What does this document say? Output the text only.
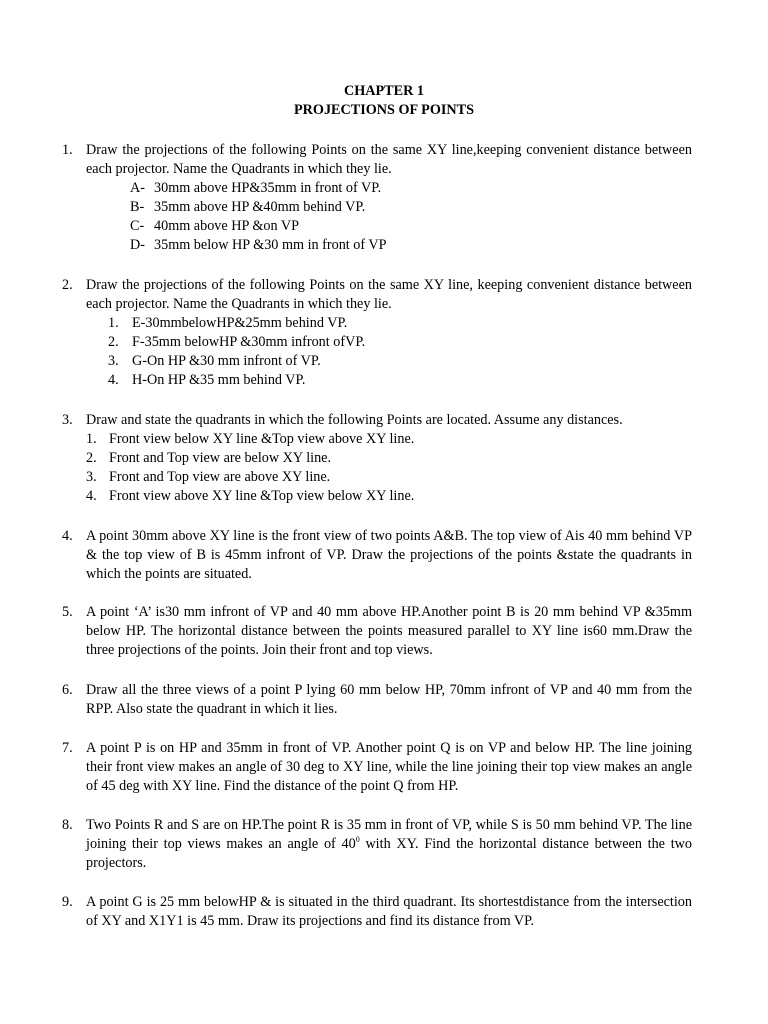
CHAPTER 1
PROJECTIONS OF POINTS
1. Draw the projections of the following Points on the same XY line,keeping convenient distance between each projector. Name the Quadrants in which they lie.
A- 30mm above HP&35mm in front of VP.
B- 35mm above HP &40mm behind VP.
C- 40mm above HP &on VP
D- 35mm below HP &30 mm in front of VP
2. Draw the projections of the following Points on the same XY line, keeping convenient distance between each projector. Name the Quadrants in which they lie.
1. E-30mmbelowHP&25mm behind VP.
2. F-35mm belowHP &30mm infront ofVP.
3. G-On HP &30 mm infront of VP.
4. H-On HP &35 mm behind VP.
3. Draw and state the quadrants in which the following Points are located. Assume any distances.
1. Front view below XY line &Top view above XY line.
2. Front and Top view are below XY line.
3. Front and Top view are above XY line.
4. Front view above XY line &Top view below XY line.
4. A point 30mm above XY line is the front view of two points A&B. The top view of Ais 40 mm behind VP & the top view of B is 45mm infront of VP. Draw the projections of the points &state the quadrants in which the points are situated.
5. A point ‘A’ is30 mm infront of VP and 40 mm above HP.Another point B is 20 mm behind VP &35mm below HP. The horizontal distance between the points measured parallel to XY line is60 mm.Draw the three projections of the points. Join their front and top views.
6. Draw all the three views of a point P lying 60 mm below HP, 70mm infront of VP and 40 mm from the RPP. Also state the quadrant in which it lies.
7. A point P is on HP and 35mm in front of VP. Another point Q is on VP and below HP. The line joining their front view makes an angle of 30 deg to XY line, while the line joining their top view makes an angle of 45 deg with XY line. Find the distance of the point Q from HP.
8. Two Points R and S are on HP.The point R is 35 mm in front of VP, while S is 50 mm behind VP. The line joining their top views makes an angle of $40^0$ with XY. Find the horizontal distance between the two projectors.
9. A point G is 25 mm belowHP & is situated in the third quadrant. Its shortestdistance from the intersection of XY and X1Y1 is 45 mm. Draw its projections and find its distance from VP.
